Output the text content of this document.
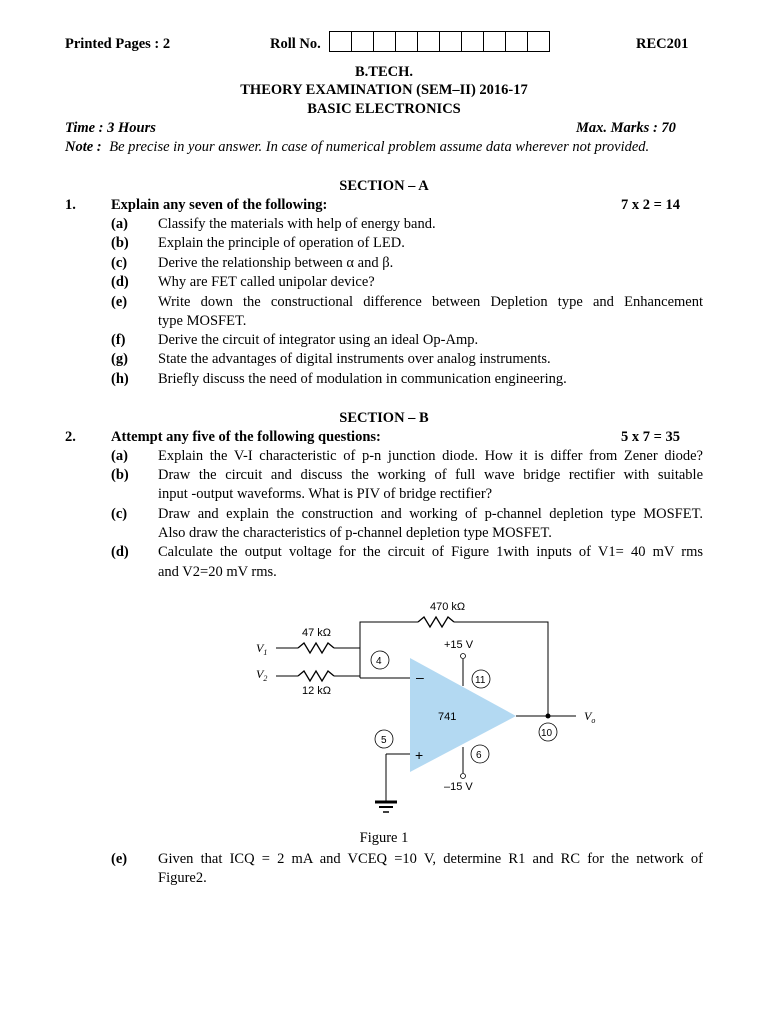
Printed Pages : 2	Roll No.	REC201
B.TECH.
THEORY EXAMINATION (SEM–II) 2016-17
BASIC ELECTRONICS
Time : 3 Hours	Max. Marks : 70
Note : Be precise in your answer. In case of numerical problem assume data wherever not provided.
SECTION – A
1. Explain any seven of the following:	7 x 2 = 14
(a) Classify the materials with help of energy band.
(b) Explain the principle of operation of LED.
(c) Derive the relationship between α and β.
(d) Why are FET called unipolar device?
(e) Write down the constructional difference between Depletion type and Enhancement
type MOSFET.
(f) Derive the circuit of integrator using an ideal Op-Amp.
(g) State the advantages of digital instruments over analog instruments.
(h) Briefly discuss the need of modulation in communication engineering.
SECTION – B
2. Attempt any five of the following questions:	5 x 7 = 35
(a) Explain the V-I characteristic of p-n junction diode. How it is differ from Zener diode?
(b) Draw the circuit and discuss the working of full wave bridge rectifier with suitable
input -output waveforms. What is PIV of bridge rectifier?
(c) Draw and explain the construction and working of p-channel depletion type MOSFET.
Also draw the characteristics of p-channel depletion type MOSFET.
(d) Calculate the output voltage for the circuit of Figure 1with inputs of V1= 40 mV rms
and V2=20 mV rms.
470 kΩ
$V_1$
47 kΩ
$V_2$
12 kΩ
–
+
741
4
+15 V
11
6
–15 V
5
10
$V_o$
Figure 1
(e) Given that ICQ = 2 mA and VCEQ =10 V, determine R1 and RC for the network of
Figure2.
